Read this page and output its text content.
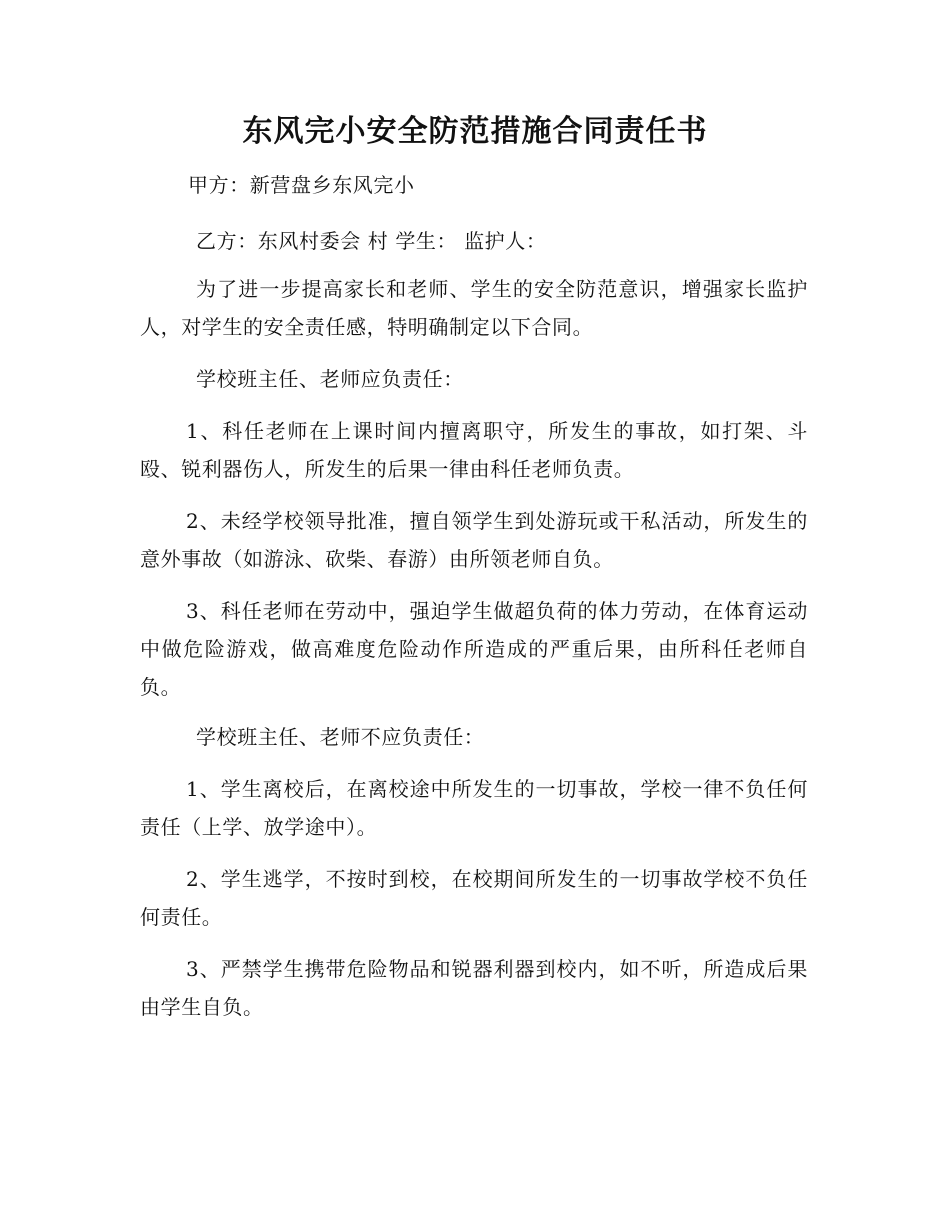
东风完小安全防范措施合同责任书

甲方：新营盘乡东风完小

乙方：东风村委会 村 学生： 监护人：

为了进一步提高家长和老师、学生的安全防范意识，增强家长监护人，对学生的安全责任感，特明确制定以下合同。

学校班主任、老师应负责任：

1、科任老师在上课时间内擅离职守，所发生的事故，如打架、斗殴、锐利器伤人，所发生的后果一律由科任老师负责。

2、未经学校领导批准，擅自领学生到处游玩或干私活动，所发生的意外事故（如游泳、砍柴、春游）由所领老师自负。

3、科任老师在劳动中，强迫学生做超负荷的体力劳动，在体育运动中做危险游戏，做高难度危险动作所造成的严重后果，由所科任老师自负。

学校班主任、老师不应负责任：

1、学生离校后，在离校途中所发生的一切事故，学校一律不负任何责任（上学、放学途中）。

2、学生逃学，不按时到校，在校期间所发生的一切事故学校不负任何责任。

3、严禁学生携带危险物品和锐器利器到校内，如不听，所造成后果由学生自负。
